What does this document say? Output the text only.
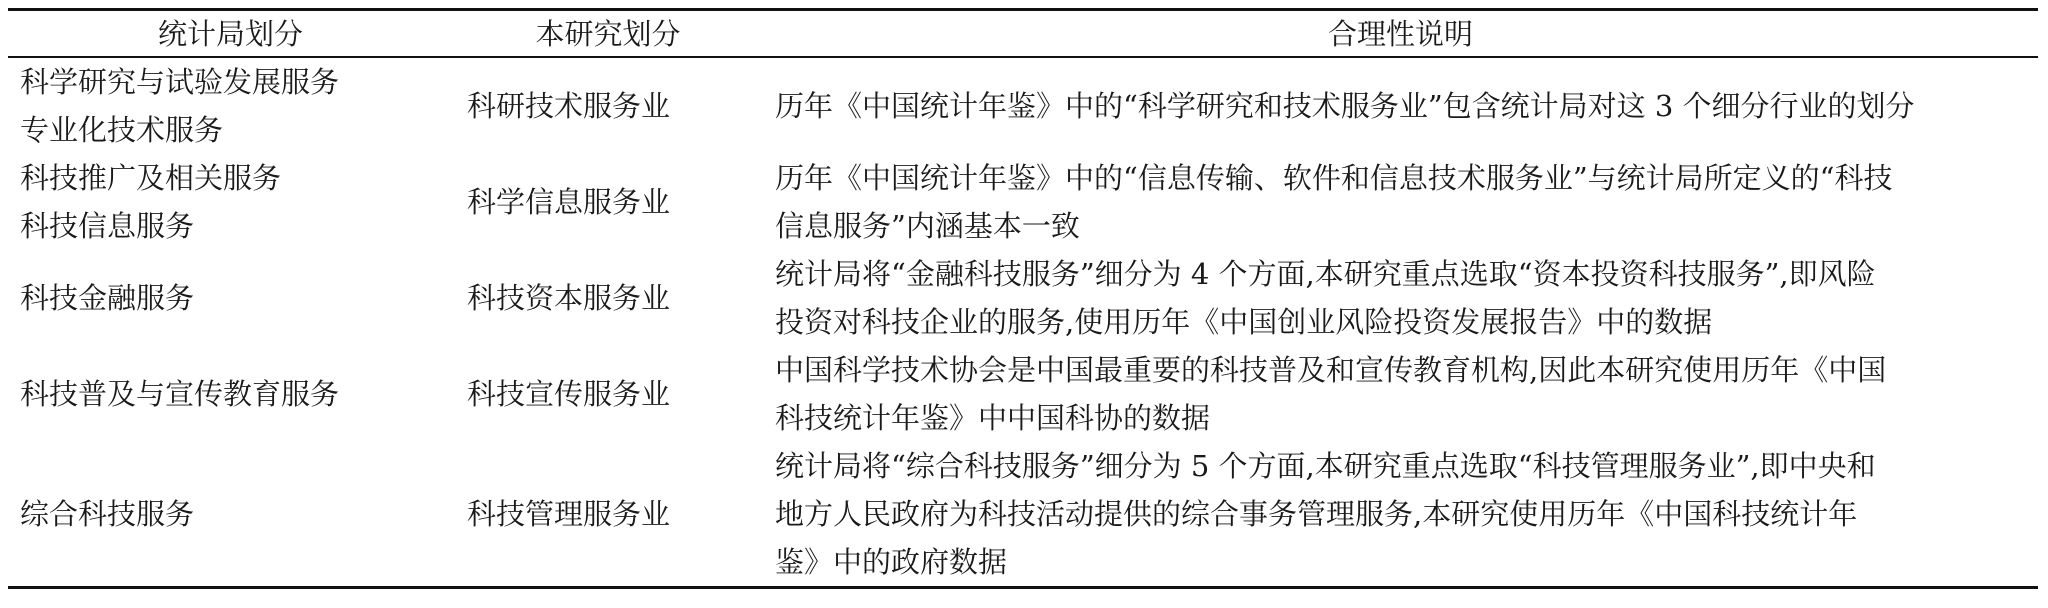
统计局划分	本研究划分	合理性说明

科学研究与试验发展服务
专业化技术服务	科研技术服务业	历年《中国统计年鉴》中的“科学研究和技术服务业”包含统计局对这 3 个细分行业的划分

科技推广及相关服务
科技信息服务	科学信息服务业	历年《中国统计年鉴》中的“信息传输、软件和信息技术服务业”与统计局所定义的“科技
信息服务”内涵基本一致

科技金融服务	科技资本服务业	统计局将“金融科技服务”细分为 4 个方面,本研究重点选取“资本投资科技服务”,即风险
投资对科技企业的服务,使用历年《中国创业风险投资发展报告》中的数据

科技普及与宣传教育服务	科技宣传服务业	中国科学技术协会是中国最重要的科技普及和宣传教育机构,因此本研究使用历年《中国
科技统计年鉴》中中国科协的数据

综合科技服务	科技管理服务业	统计局将“综合科技服务”细分为 5 个方面,本研究重点选取“科技管理服务业”,即中央和
地方人民政府为科技活动提供的综合事务管理服务,本研究使用历年《中国科技统计年
鉴》中的政府数据
